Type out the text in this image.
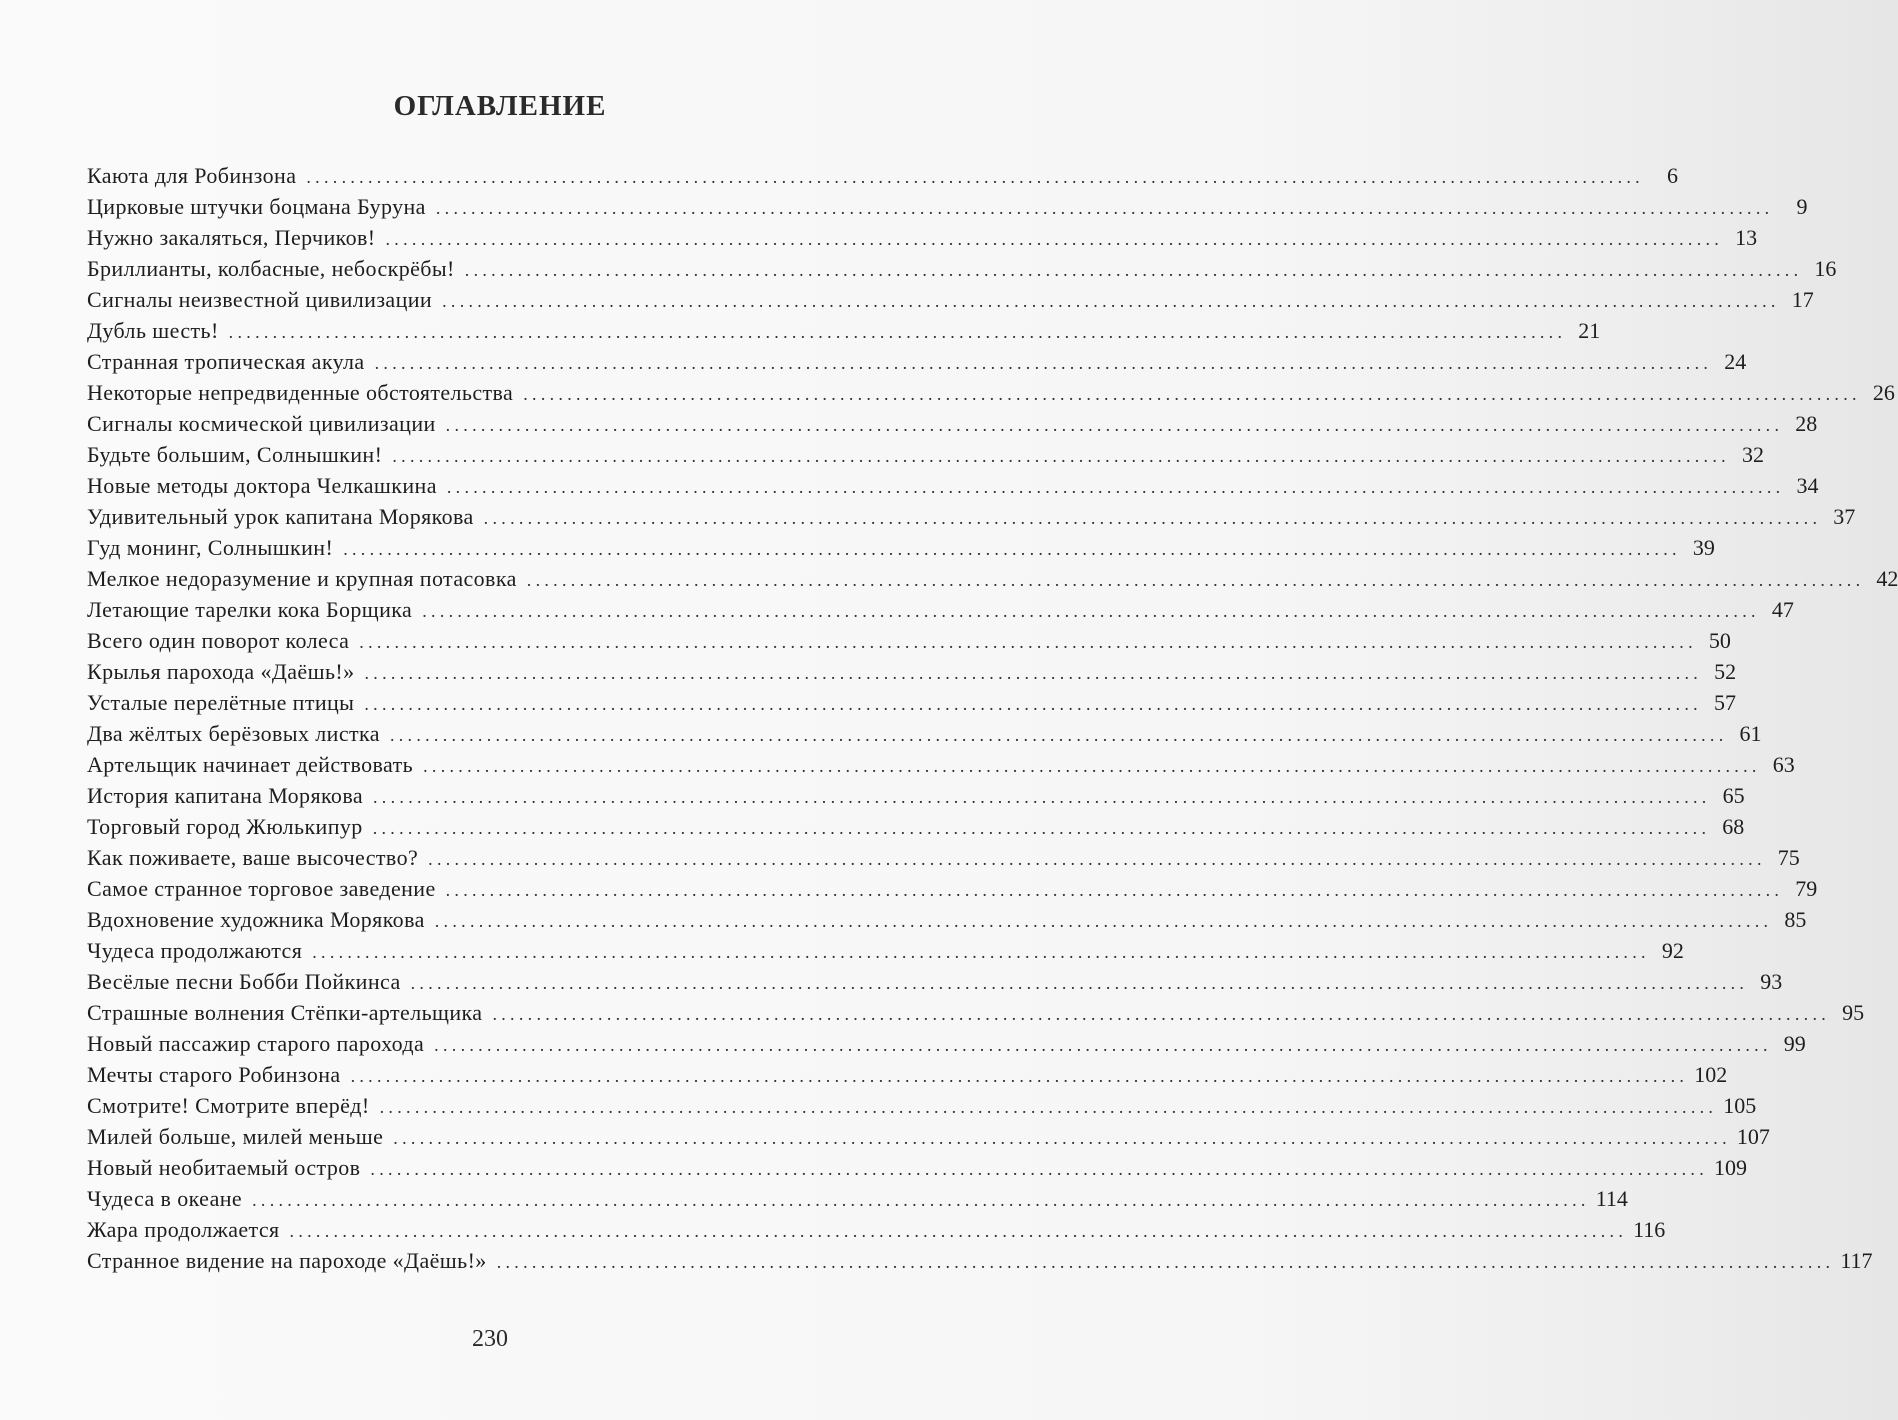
ОГЛАВЛЕНИЕ
Каюта для Робинзона ........................................................................................................................................................	6
Цирковые штучки боцмана Буруна ........................................................................................................................................................	9
Нужно закаляться, Перчиков! ........................................................................................................................................................ 13
Бриллианты, колбасные, небоскрёбы! ........................................................................................................................................................ 16
Сигналы неизвестной цивилизации ........................................................................................................................................................ 17
Дубль шесть! ........................................................................................................................................................ 21
Странная тропическая акула ........................................................................................................................................................ 24
Некоторые непредвиденные обстоятельства ........................................................................................................................................................ 26
Сигналы космической цивилизации ........................................................................................................................................................ 28
Будьте большим, Солнышкин! ........................................................................................................................................................ 32
Новые методы доктора Челкашкина ........................................................................................................................................................ 34
Удивительный урок капитана Морякова ........................................................................................................................................................ 37
Гуд монинг, Солнышкин! ........................................................................................................................................................ 39
Мелкое недоразумение и крупная потасовка ........................................................................................................................................................ 42
Летающие тарелки кока Борщика ........................................................................................................................................................ 47
Всего один поворот колеса ........................................................................................................................................................ 50
Крылья парохода «Даёшь!» ........................................................................................................................................................ 52
Усталые перелётные птицы ........................................................................................................................................................ 57
Два жёлтых берёзовых листка ........................................................................................................................................................ 61
Артельщик начинает действовать ........................................................................................................................................................ 63
История капитана Морякова ........................................................................................................................................................ 65
Торговый город Жюлькипур ........................................................................................................................................................ 68
Как поживаете, ваше высочество? ........................................................................................................................................................ 75
Самое странное торговое заведение ........................................................................................................................................................ 79
Вдохновение художника Морякова ........................................................................................................................................................ 85
Чудеса продолжаются ........................................................................................................................................................ 92
Весёлые песни Бобби Пойкинса ........................................................................................................................................................ 93
Страшные волнения Стёпки-артельщика ........................................................................................................................................................ 95
Новый пассажир старого парохода ........................................................................................................................................................ 99
Мечты старого Робинзона ........................................................................................................................................................ 102
Смотрите! Смотрите вперёд! ........................................................................................................................................................ 105
Милей больше, милей меньше ........................................................................................................................................................ 107
Новый необитаемый остров ........................................................................................................................................................ 109
Чудеса в океане ........................................................................................................................................................ 114
Жара продолжается ........................................................................................................................................................ 116
Странное видение на пароходе «Даёшь!» ........................................................................................................................................................ 117
230
